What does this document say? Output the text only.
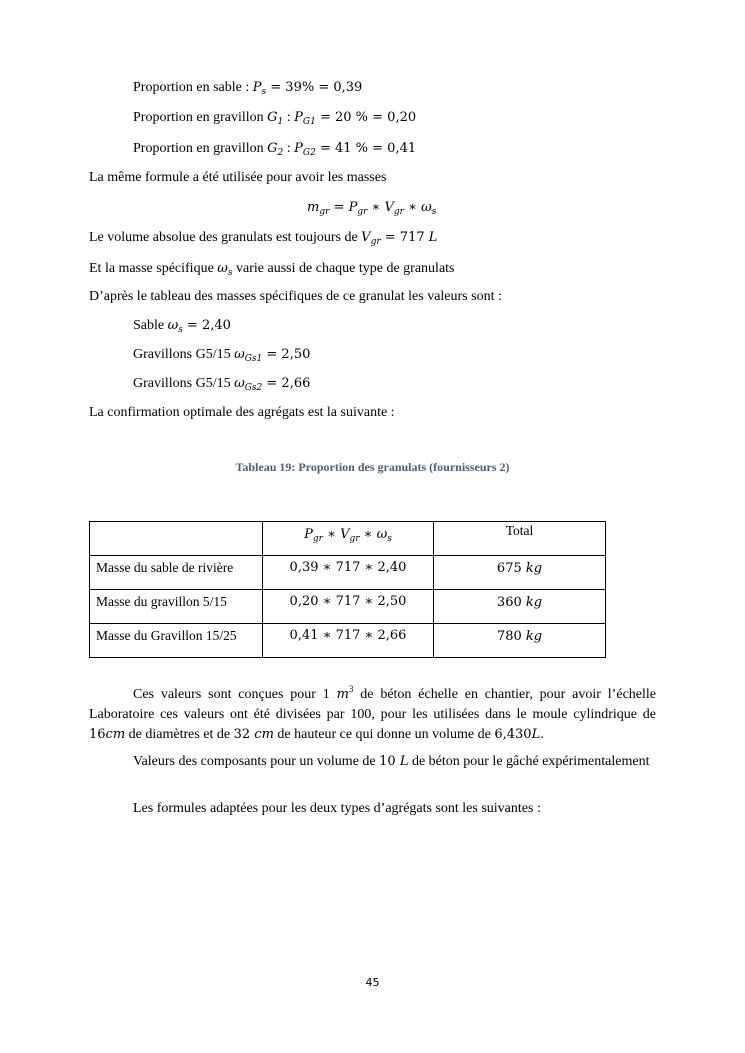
Proportion en sable : $P_s = 39\% = 0,39$
Proportion en gravillon $G_1$ : $P_{G1} = 20$ % = 0,20
Proportion en gravillon $G_2$ : $P_{G2} = 41$ % = 0,41
La même formule a été utilisée pour avoir les masses
$m_{gr} = P_{gr}$ ∗ $V_{gr}$ ∗ $\omega_s$
Le volume absolue des granulats est toujours de $V_{gr} = 717$ L
Et la masse spécifique $\omega_s$ varie aussi de chaque type de granulats
D’après le tableau des masses spécifiques de ce granulat les valeurs sont :
Sable $\omega_s = 2,40$
Gravillons G5/15 $\omega_{Gs1} = 2,50$
Gravillons G5/15 $\omega_{Gs2} = 2,66$
La confirmation optimale des agrégats est la suivante :
Tableau 19: Proportion des granulats (fournisseurs 2)

	$P_{gr}$ ∗ $V_{gr}$ ∗ $\omega_s$	Total

Masse du sable de rivière	0,39 ∗ 717 ∗ 2,40	675 kg

Masse du gravillon 5/15	0,20 ∗ 717 ∗ 2,50	360 kg

Masse du Gravillon 15/25	0,41 ∗ 717 ∗ 2,66	780 kg
Ces valeurs sont conçues pour 1 $m^3$ de béton échelle en chantier, pour avoir l’échelle Laboratoire ces valeurs ont été divisées par 100, pour les utilisées dans le moule cylindrique de 16cm de diamètres et de 32 cm de hauteur ce qui donne un volume de 6,430L.
Valeurs des composants pour un volume de 10 L de béton pour le gâché expérimentalement
Les formules adaptées pour les deux types d’agrégats sont les suivantes :
45
